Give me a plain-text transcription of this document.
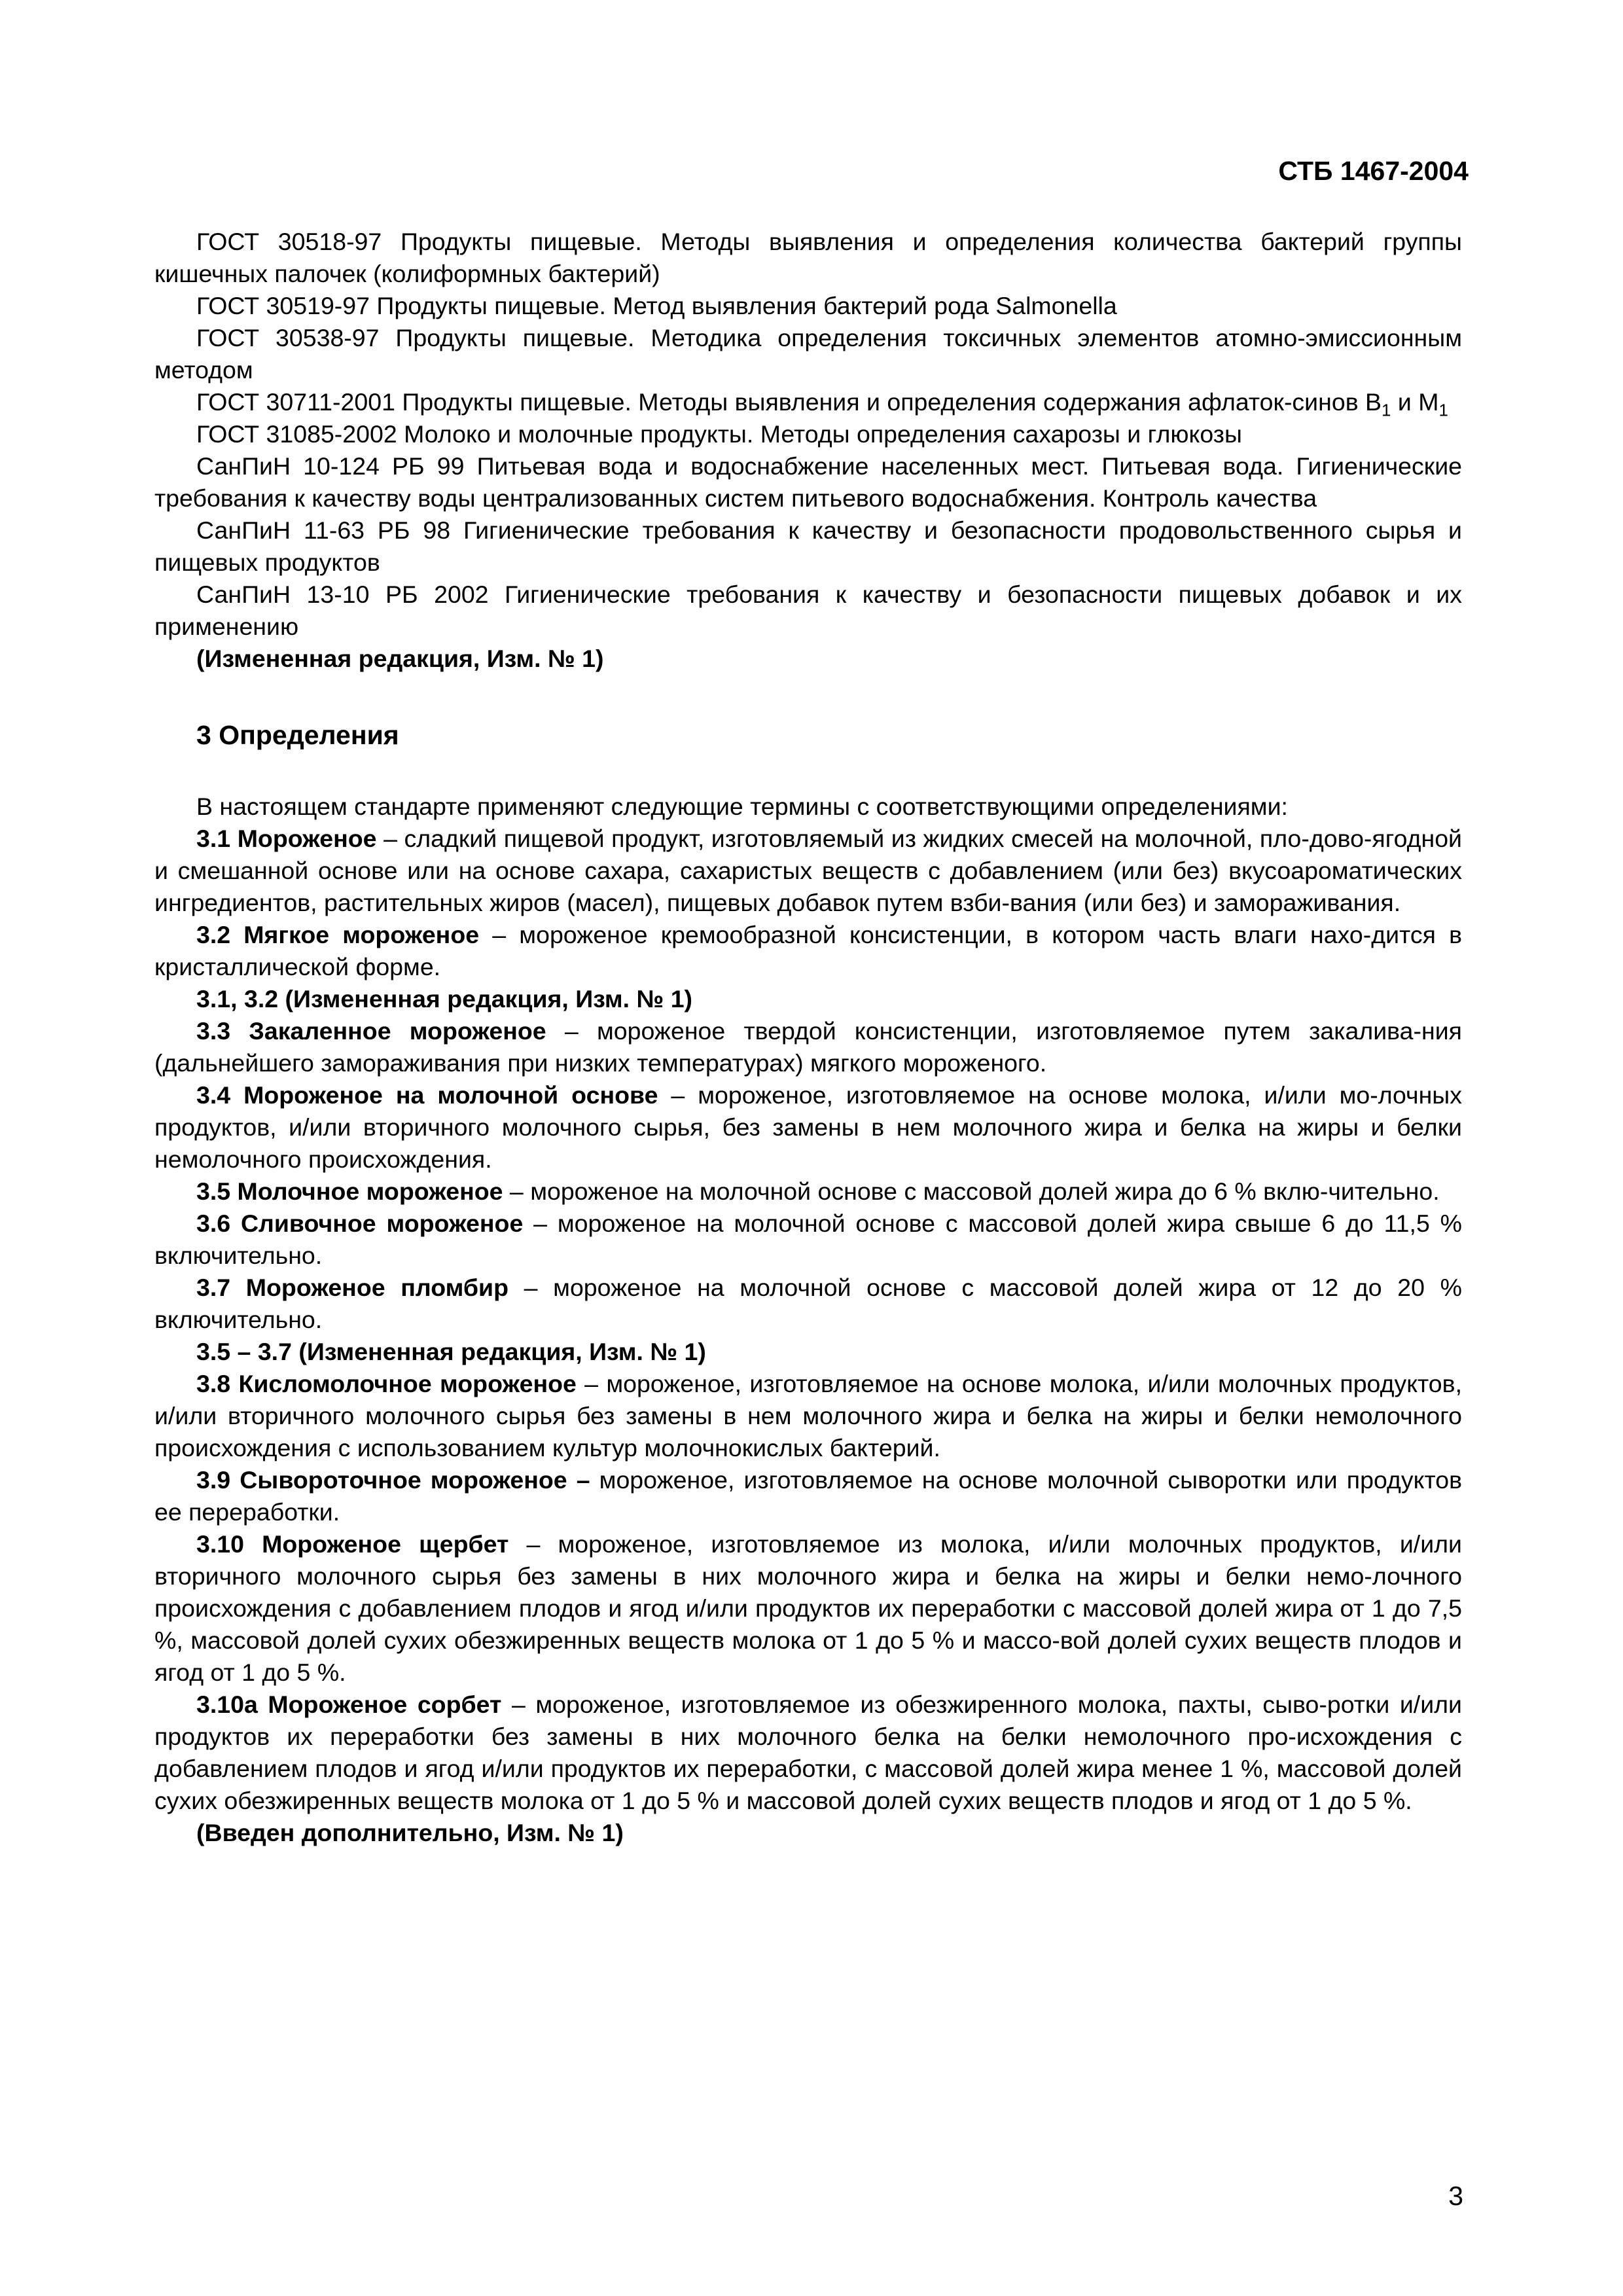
СТБ 1467-2004

ГОСТ 30518-97 Продукты пищевые. Методы выявления и определения количества бактерий группы кишечных палочек (колиформных бактерий)

ГОСТ 30519-97 Продукты пищевые. Метод выявления бактерий рода Salmonella

ГОСТ 30538-97 Продукты пищевые. Методика определения токсичных элементов атомно-эмиссионным методом

ГОСТ 30711-2001 Продукты пищевые. Методы выявления и определения содержания афлаток-синов $B_1$ и $M_1$

ГОСТ 31085-2002 Молоко и молочные продукты. Методы определения сахарозы и глюкозы

СанПиН 10-124 РБ 99 Питьевая вода и водоснабжение населенных мест. Питьевая вода. Гигиенические требования к качеству воды централизованных систем питьевого водоснабжения. Контроль качества

СанПиН 11-63 РБ 98 Гигиенические требования к качеству и безопасности продовольственного сырья и пищевых продуктов

СанПиН 13-10 РБ 2002 Гигиенические требования к качеству и безопасности пищевых добавок и их применению

(Измененная редакция, Изм. № 1)

3 Определения

В настоящем стандарте применяют следующие термины с соответствующими определениями:

3.1 Мороженое – сладкий пищевой продукт, изготовляемый из жидких смесей на молочной, пло-дово-ягодной и смешанной основе или на основе сахара, сахаристых веществ с добавлением (или без) вкусоароматических ингредиентов, растительных жиров (масел), пищевых добавок путем взби-вания (или без) и замораживания.

3.2 Мягкое мороженое – мороженое кремообразной консистенции, в котором часть влаги нахо-дится в кристаллической форме.

3.1, 3.2 (Измененная редакция, Изм. № 1)

3.3 Закаленное мороженое – мороженое твердой консистенции, изготовляемое путем закалива-ния (дальнейшего замораживания при низких температурах) мягкого мороженого.

3.4 Мороженое на молочной основе – мороженое, изготовляемое на основе молока, и/или мо-лочных продуктов, и/или вторичного молочного сырья, без замены в нем молочного жира и белка на жиры и белки немолочного происхождения.

3.5 Молочное мороженое – мороженое на молочной основе с массовой долей жира до 6 % вклю-чительно.

3.6 Сливочное мороженое – мороженое на молочной основе с массовой долей жира свыше 6 до 11,5 % включительно.

3.7 Мороженое пломбир – мороженое на молочной основе с массовой долей жира от 12 до 20 % включительно.

3.5 – 3.7 (Измененная редакция, Изм. № 1)

3.8 Кисломолочное мороженое – мороженое, изготовляемое на основе молока, и/или молочных продуктов, и/или вторичного молочного сырья без замены в нем молочного жира и белка на жиры и белки немолочного происхождения с использованием культур молочнокислых бактерий.

3.9 Сывороточное мороженое – мороженое, изготовляемое на основе молочной сыворотки или продуктов ее переработки.

3.10 Мороженое щербет – мороженое, изготовляемое из молока, и/или молочных продуктов, и/или вторичного молочного сырья без замены в них молочного жира и белка на жиры и белки немо-лочного происхождения с добавлением плодов и ягод и/или продуктов их переработки с массовой долей жира от 1 до 7,5 %, массовой долей сухих обезжиренных веществ молока от 1 до 5 % и массо-вой долей сухих веществ плодов и ягод от 1 до 5 %.

3.10а Мороженое сорбет – мороженое, изготовляемое из обезжиренного молока, пахты, сыво-ротки и/или продуктов их переработки без замены в них молочного белка на белки немолочного про-исхождения с добавлением плодов и ягод и/или продуктов их переработки, с массовой долей жира менее 1 %, массовой долей сухих обезжиренных веществ молока от 1 до 5 % и массовой долей сухих веществ плодов и ягод от 1 до 5 %.

(Введен дополнительно, Изм. № 1)

3
